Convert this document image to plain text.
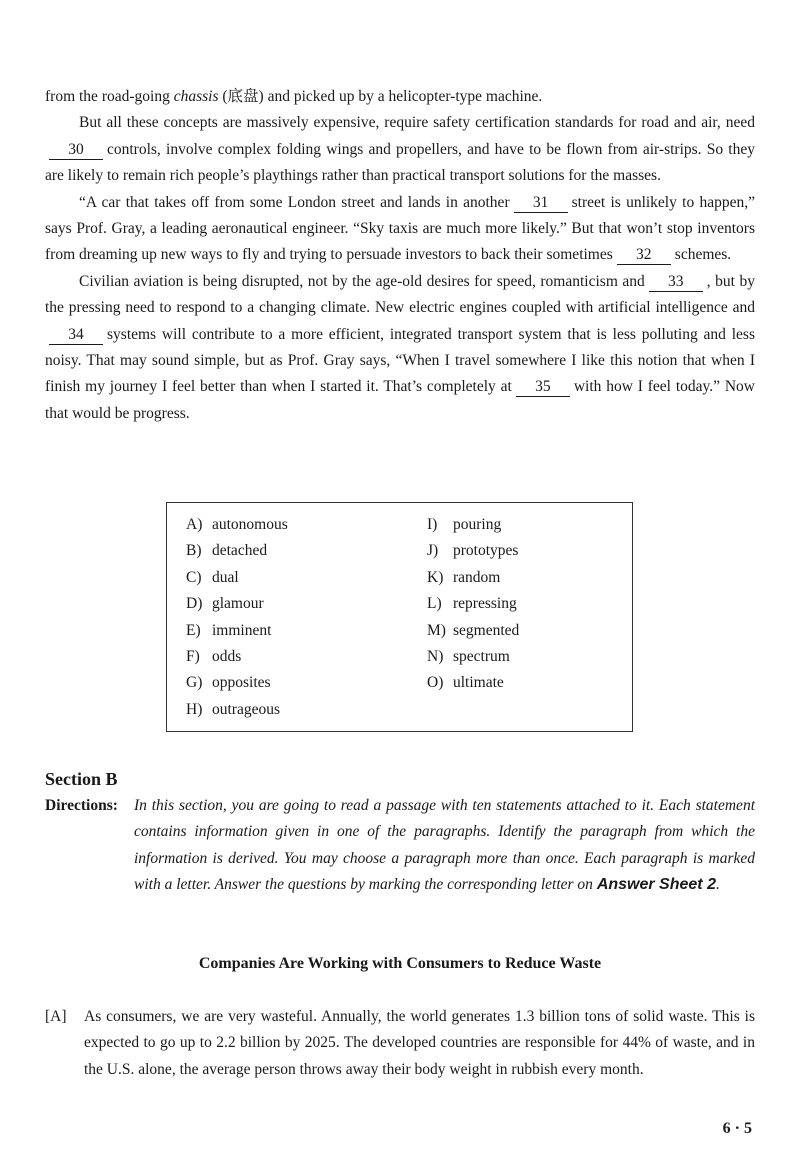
from the road-going chassis (底盘) and picked up by a helicopter-type machine.

But all these concepts are massively expensive, require safety certification standards for road and air, need30 controls, involve complex folding wings and propellers, and have to be flown from air-strips. So they are likely to remain rich people’s playthings rather than practical transport solutions for the masses.

“A car that takes off from some London street and lands in another 31 street is unlikely to happen,” says Prof. Gray, a leading aeronautical engineer. “Sky taxis are much more likely.” But that won’t stop inventors from dreaming up new ways to fly and trying to persuade investors to back their sometimes 32 schemes.

Civilian aviation is being disrupted, not by the age-old desires for speed, romanticism and 33 , but by the pressing need to respond to a changing climate. New electric engines coupled with artificial intelligence and34 systems will contribute to a more efficient, integrated transport system that is less polluting and less noisy. That may sound simple, but as Prof. Gray says, “When I travel somewhere I like this notion that when I finish my journey I feel better than when I started it. That’s completely at 35 with how I feel today.” Now that would be progress.

A) autonomous
B) detached
C) dual
D) glamour
E) imminent
F) odds
G) opposites
H) outrageous
I) pouring
J) prototypes
K) random
L) repressing
M) segmented
N) spectrum
O) ultimate
Section B
Directions: In this section, you are going to read a passage with ten statements attached to it. Each statement contains information given in one of the paragraphs. Identify the paragraph from which the information is derived. You may choose a paragraph more than once. Each paragraph is marked with a letter. Answer the questions by marking the corresponding letter on Answer Sheet 2.
Companies Are Working with Consumers to Reduce Waste
[A] As consumers, we are very wasteful. Annually, the world generates 1.3 billion tons of solid waste. This is expected to go up to 2.2 billion by 2025. The developed countries are responsible for 44% of waste, and in the U.S. alone, the average person throws away their body weight in rubbish every month.
6 · 5
